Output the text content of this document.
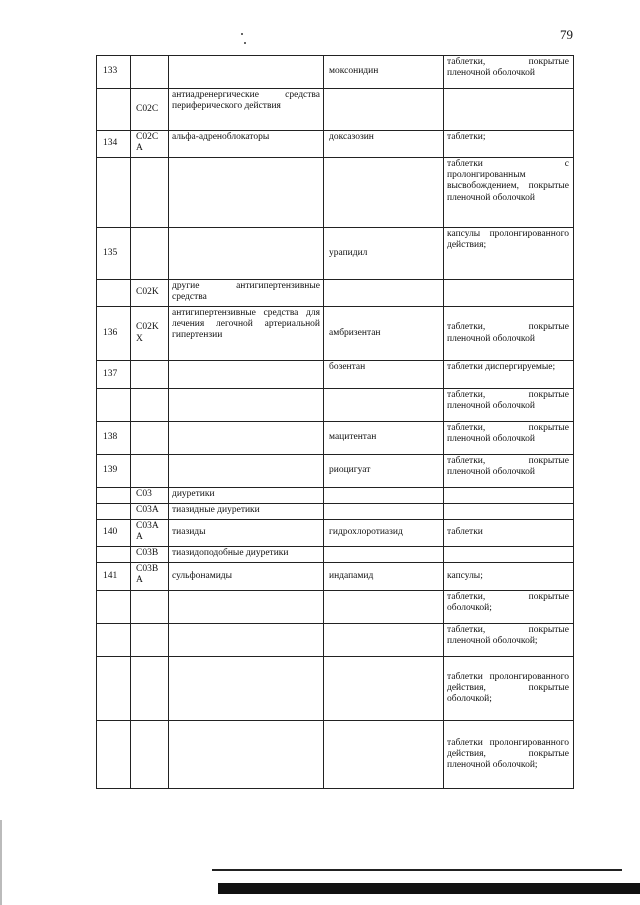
79
133			моксонидин	таблетки, покрытые пленочной оболочкой
	C02C	антиадренергические средства периферического действия		
134	C02C A	альфа-адреноблокаторы	доксазозин	таблетки;
				таблетки с пролонгированным высвобождением, покрытые пленочной оболочкой
135			урапидил	капсулы пролонгированного действия;
	C02K	другие антигипертензивные средства		
136	C02K X	антигипертензивные средства для лечения легочной артериальной гипертензии	амбризентан	таблетки, покрытые пленочной оболочкой
137			бозентан	таблетки диспергируемые;
				таблетки, покрытые пленочной оболочкой
138			мацитентан	таблетки, покрытые пленочной оболочкой
139			риоцигуат	таблетки, покрытые пленочной оболочкой
	C03	диуретики		
	C03A	тиазидные диуретики		
140	C03A A	тиазиды	гидрохлоротиазид	таблетки
	C03B	тиазидоподобные диуретики		
141	C03B A	сульфонамиды	индапамид	капсулы;
				таблетки, покрытые оболочкой;
				таблетки, покрытые пленочной оболочкой;
				таблетки пролонгированного действия, покрытые оболочкой;
				таблетки пролонгированного действия, покрытые пленочной оболочкой;
